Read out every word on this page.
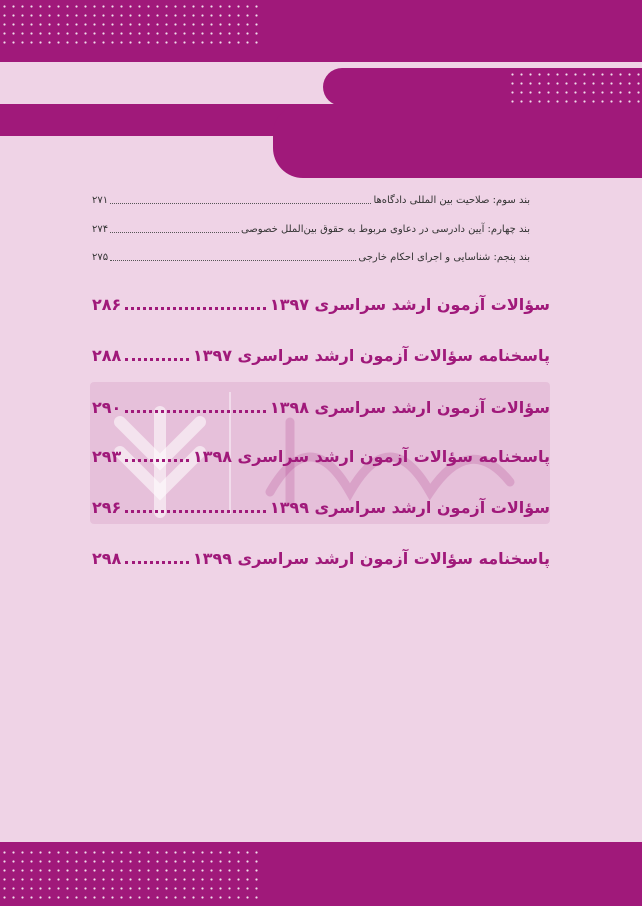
بند سوم: صلاحیت بین المللی دادگاه‌ها
۲۷۱
بند چهارم: آیین دادرسی در دعاوی مربوط به حقوق بین‌الملل خصوصی
۲۷۴
بند پنجم: شناسایی و اجرای احکام خارجی
۲۷۵
سؤالات آزمون ارشد سراسری ۱۳۹۷
۲۸۶
پاسخنامه سؤالات آزمون ارشد سراسری ۱۳۹۷
۲۸۸
سؤالات آزمون ارشد سراسری ۱۳۹۸
۲۹۰
پاسخنامه سؤالات آزمون ارشد سراسری ۱۳۹۸
۲۹۳
سؤالات آزمون ارشد سراسری ۱۳۹۹
۲۹۶
پاسخنامه سؤالات آزمون ارشد سراسری ۱۳۹۹
۲۹۸
